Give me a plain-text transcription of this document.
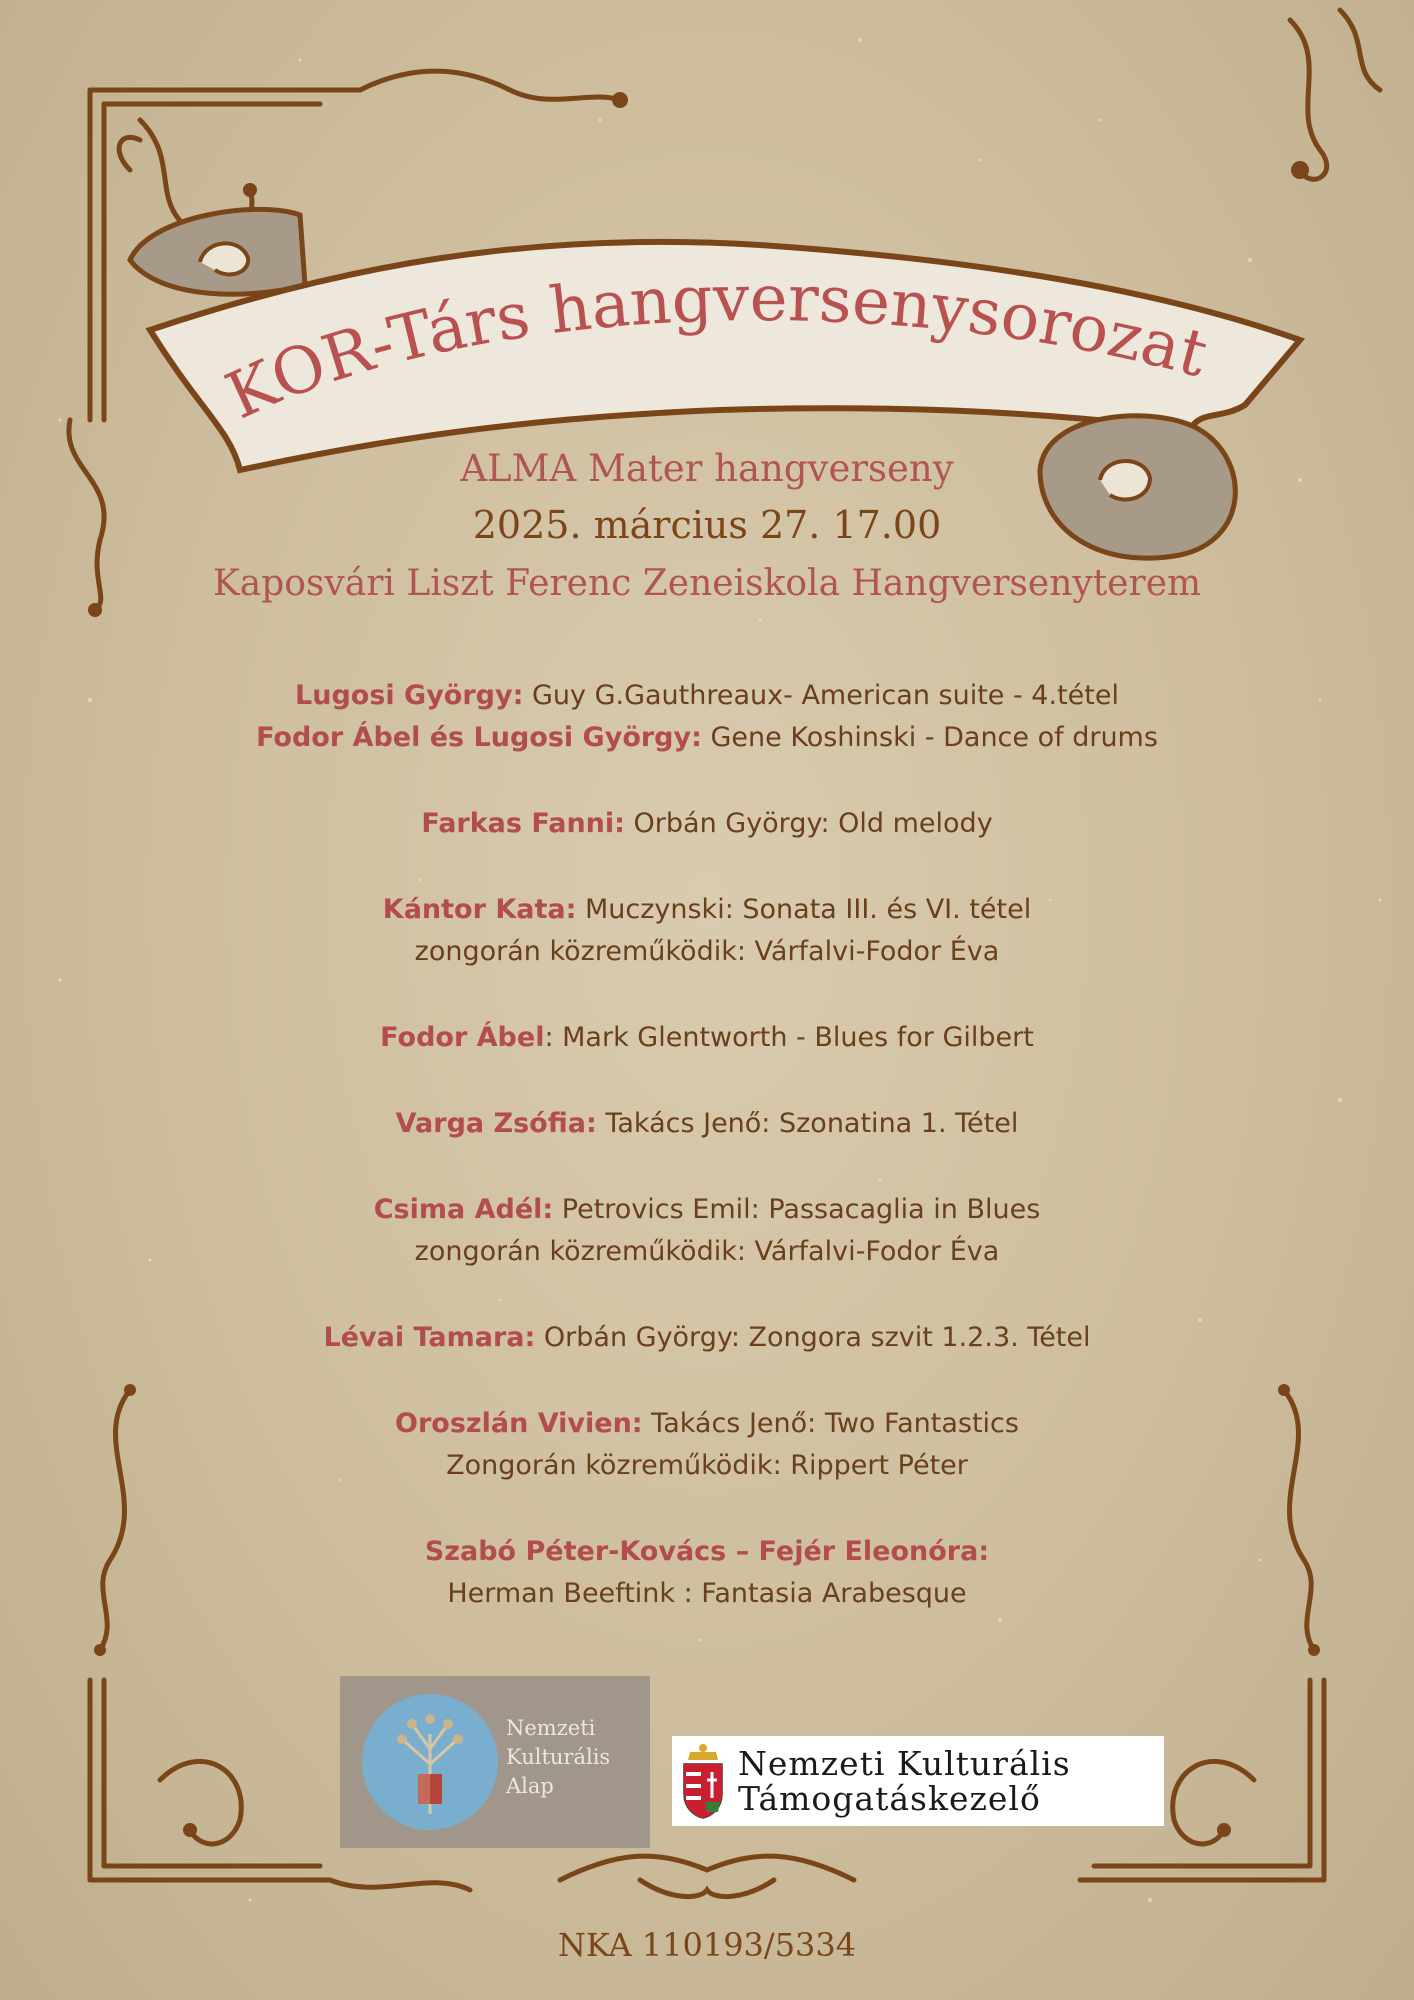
KOR-Társ hangversenysorozat
ALMA Mater hangverseny
2025. március 27. 17.00
Kaposvári Liszt Ferenc Zeneiskola Hangversenyterem
Lugosi György: Guy G.Gauthreaux- American suite - 4.tétel
Fodor Ábel és Lugosi György: Gene Koshinski - Dance of drums
Farkas Fanni: Orbán György: Old melody
Kántor Kata: Muczynski: Sonata III. és VI. tétel
zongorán közreműködik: Várfalvi-Fodor Éva
Fodor Ábel: Mark Glentworth - Blues for Gilbert
Varga Zsófia: Takács Jenő: Szonatina 1. Tétel
Csima Adél: Petrovics Emil: Passacaglia in Blues
zongorán közreműködik: Várfalvi-Fodor Éva
Lévai Tamara: Orbán György: Zongora szvit 1.2.3. Tétel
Oroszlán Vivien: Takács Jenő: Two Fantastics
Zongorán közreműködik: Rippert Péter
Szabó Péter-Kovács – Fejér Eleonóra:
Herman Beeftink : Fantasia Arabesque
Nemzeti
Kulturális
Alap
Nemzeti Kulturális
Támogatáskezelő
NKA 110193/5334
